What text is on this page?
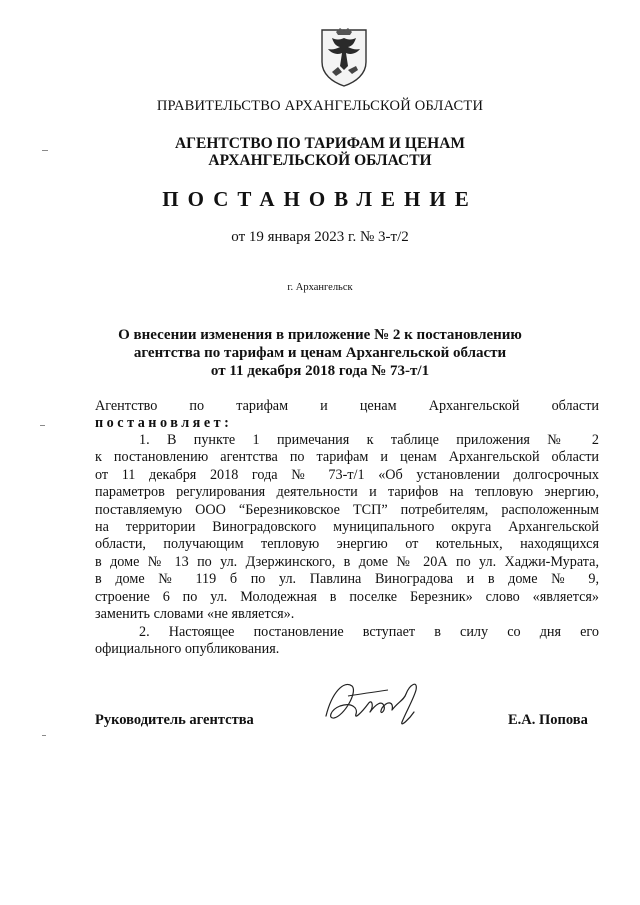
ПРАВИТЕЛЬСТВО АРХАНГЕЛЬСКОЙ ОБЛАСТИ
АГЕНТСТВО ПО ТАРИФАМ И ЦЕНАМ
АРХАНГЕЛЬСКОЙ ОБЛАСТИ
ПОСТАНОВЛЕНИЕ
от 19 января 2023 г. № 3-т/2
г. Архангельск
О внесении изменения в приложение № 2 к постановлению
агентства по тарифам и ценам Архангельской области
от 11 декабря 2018 года № 73-т/1
Агентство по тарифам и ценам Архангельской области
постановляет:
1. В пункте 1 примечания к таблице приложения № 2
к постановлению агентства по тарифам и ценам Архангельской области
от 11 декабря 2018 года № 73-т/1 «Об установлении долгосрочных
параметров регулирования деятельности и тарифов на тепловую энергию,
поставляемую ООО “Березниковское ТСП” потребителям, расположенным
на территории Виноградовского муниципального округа Архангельской
области, получающим тепловую энергию от котельных, находящихся
в доме № 13 по ул. Дзержинского, в доме № 20А по ул. Хаджи-Мурата,
в доме № 119 б по ул. Павлина Виноградова и в доме № 9,
строение 6 по ул. Молодежная в поселке Березник» слово «является»
заменить словами «не является».
2. Настоящее постановление вступает в силу со дня его
официального опубликования.
Руководитель агентства	Е.А. Попова
